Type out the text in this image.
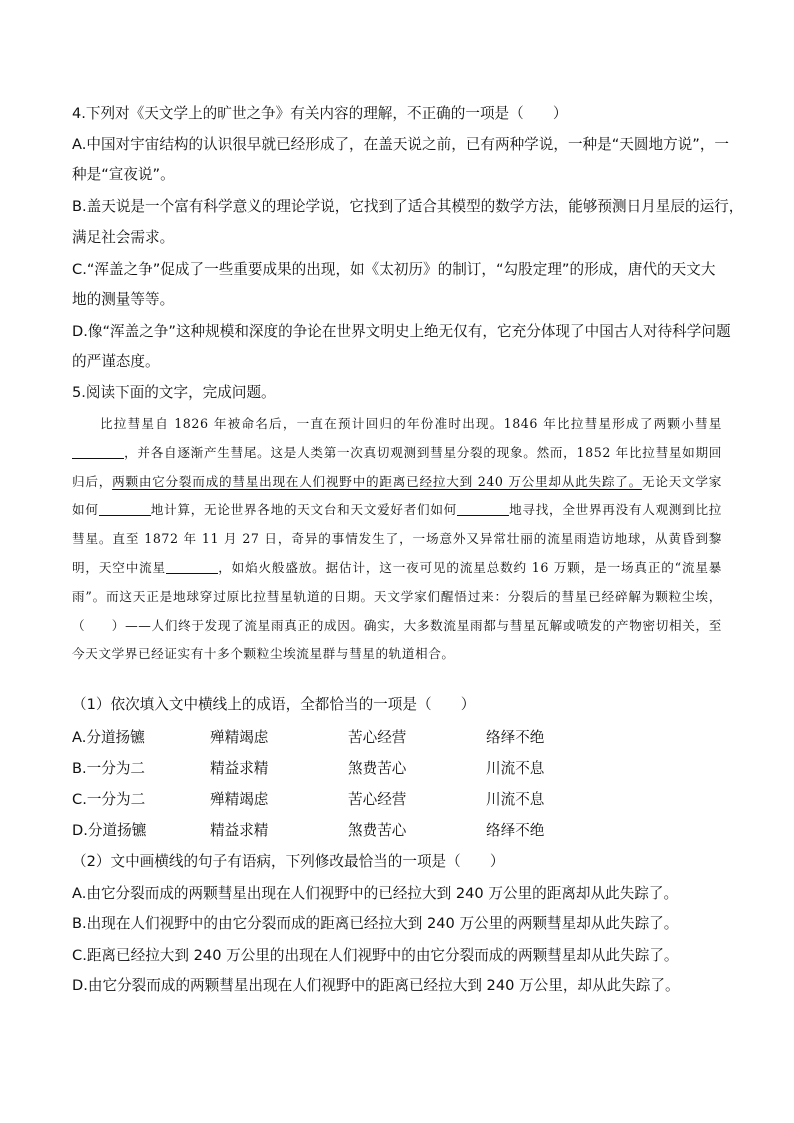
4.下列对《天文学上的旷世之争》有关内容的理解，不正确的一项是（　　）
A.中国对宇宙结构的认识很早就已经形成了，在盖天说之前，已有两种学说，一种是“天圆地方说”，一
种是“宣夜说”。
B.盖天说是一个富有科学意义的理论学说，它找到了适合其模型的数学方法，能够预测日月星辰的运行，
满足社会需求。
C.“浑盖之争”促成了一些重要成果的出现，如《太初历》的制订，“勾股定理”的形成，唐代的天文大
地的测量等等。
D.像“浑盖之争”这种规模和深度的争论在世界文明史上绝无仅有，它充分体现了中国古人对待科学问题
的严谨态度。
5.阅读下面的文字，完成问题。

比拉彗星自 1826 年被命名后，一直在预计回归的年份准时出现。1846 年比拉彗星形成了两颗小彗星，并各自逐渐产生彗尾。这是人类第一次真切观测到彗星分裂的现象。然而，1852 年比拉彗星如期回归后，两颗由它分裂而成的彗星出现在人们视野中的距离已经拉大到 240 万公里却从此失踪了。无论天文学家如何	地计算，无论世界各地的天文台和天文爱好者们如何	地寻找，全世界再没有人观测到比拉彗星。直至 1872 年 11 月 27 日，奇异的事情发生了，一场意外又异常壮丽的流星雨造访地球，从黄昏到黎明，天空中流星	，如焰火般盛放。据估计，这一夜可见的流星总数约 16 万颗，是一场真正的“流星暴雨”。而这天正是地球穿过原比拉彗星轨道的日期。天文学家们醒悟过来：分裂后的彗星已经碎解为颗粒尘埃，（　　）——人们终于发现了流星雨真正的成因。确实，大多数流星雨都与彗星瓦解或喷发的产物密切相关，至今天文学界已经证实有十多个颗粒尘埃流星群与彗星的轨道相合。

（1）依次填入文中横线上的成语，全都恰当的一项是（　　）
A.分道扬镳	殚精竭虑	苦心经营	络绎不绝
B.一分为二	精益求精	煞费苦心	川流不息
C.一分为二	殚精竭虑	苦心经营	川流不息
D.分道扬镳	精益求精	煞费苦心	络绎不绝
（2）文中画横线的句子有语病，下列修改最恰当的一项是（　　）
A.由它分裂而成的两颗彗星出现在人们视野中的已经拉大到 240 万公里的距离却从此失踪了。
B.出现在人们视野中的由它分裂而成的距离已经拉大到 240 万公里的两颗彗星却从此失踪了。
C.距离已经拉大到 240 万公里的出现在人们视野中的由它分裂而成的两颗彗星却从此失踪了。
D.由它分裂而成的两颗彗星出现在人们视野中的距离已经拉大到 240 万公里，却从此失踪了。
